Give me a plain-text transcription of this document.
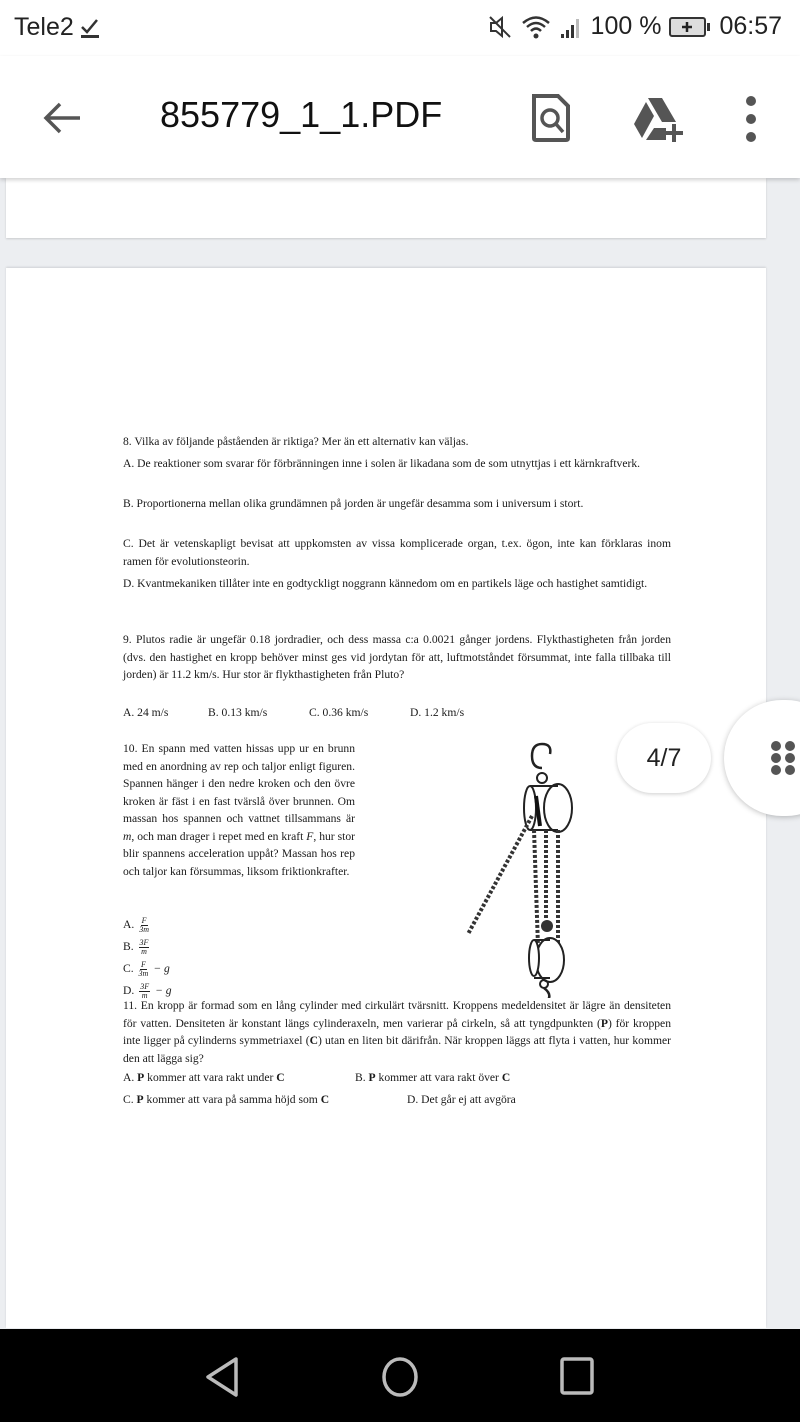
Tele2	100 % 06:57
855779_1_1.PDF
8. Vilka av följande påståenden är riktiga? Mer än ett alternativ kan väljas.
A. De reaktioner som svarar för förbränningen inne i solen är likadana som de som utnyttjas i ett kärnkraftverk.
B. Proportionerna mellan olika grundämnen på jorden är ungefär desamma som i universum i stort.
C. Det är vetenskapligt bevisat att uppkomsten av vissa komplicerade organ, t.ex. ögon, inte kan förklaras inom ramen för evolutionsteorin.
D. Kvantmekaniken tillåter inte en godtyckligt noggrann kännedom om en partikels läge och hastighet samtidigt.
9. Plutos radie är ungefär 0.18 jordradier, och dess massa c:a 0.0021 gånger jordens. Flykthastigheten från jorden (dvs. den hastighet en kropp behöver minst ges vid jordytan för att, luftmotståndet försummat, inte falla tillbaka till jorden) är 11.2 km/s. Hur stor är flykthastigheten från Pluto?
A. 24 m/s	B. 0.13 km/s	C. 0.36 km/s	D. 1.2 km/s
10. En spann med vatten hissas upp ur en brunn med en anordning av rep och taljor enligt figuren. Spannen hänger i den nedre kroken och den övre kroken är fäst i en fast tvärslå över brunnen. Om massan hos spannen och vattnet tillsammans är m, och man drager i repet med en kraft F, hur stor blir spannens acceleration uppåt? Massan hos rep och taljor kan försummas, liksom friktionkrafter.
A. $\frac{F}{3m}$
B. $\frac{3F}{m}$
C. $\frac{F}{3m} - g$
D. $\frac{3F}{m} - g$
11. En kropp är formad som en lång cylinder med cirkulärt tvärsnitt. Kroppens medeldensitet är lägre än densiteten för vatten. Densiteten är konstant längs cylinderaxeln, men varierar på cirkeln, så att tyngdpunkten (P) för kroppen inte ligger på cylinderns symmetriaxel (C) utan en liten bit därifrån. När kroppen läggs att flyta i vatten, hur kommer den att lägga sig?
A. P kommer att vara rakt under C	B. P kommer att vara rakt över C
C. P kommer att vara på samma höjd som C	D. Det går ej att avgöra
4/7
